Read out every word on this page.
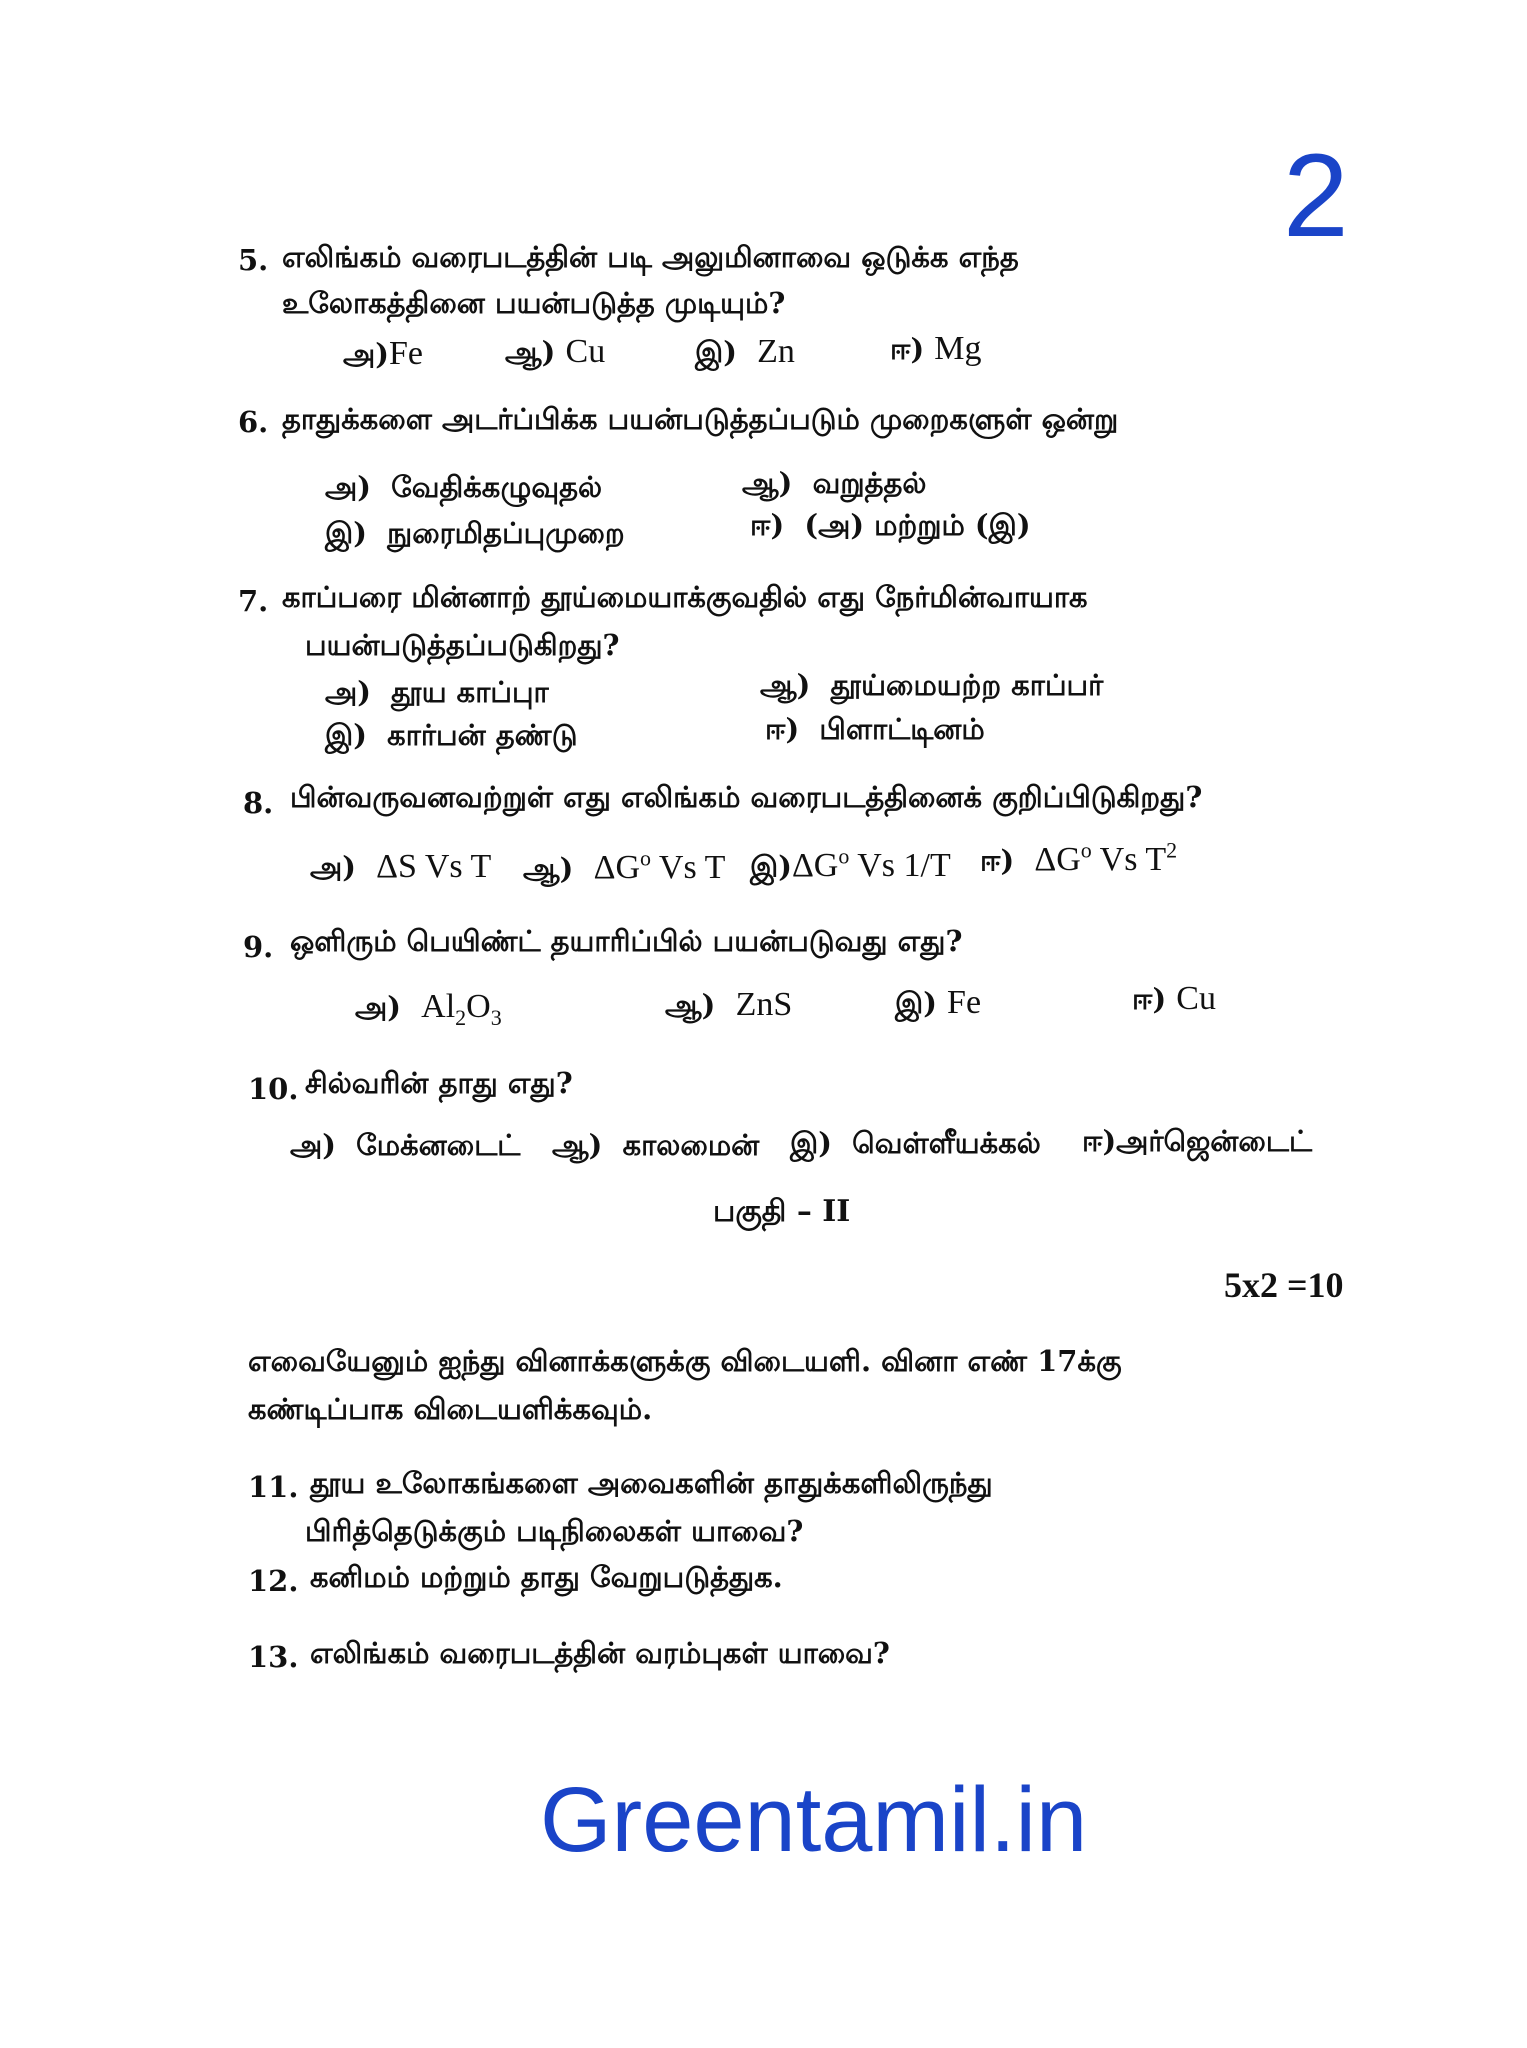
2
5. எலிங்கம் வரைபடத்தின் படி அலுமினாவை ஒடுக்க எந்த
உலோகத்தினை பயன்படுத்த முடியும்?
அ)Fe	ஆ) Cu	இ) Zn	ஈ) Mg
6. தாதுக்களை அடர்ப்பிக்க பயன்படுத்தப்படும் முறைகளுள் ஒன்று
அ) வேதிக்கழுவுதல்	ஆ) வறுத்தல்
இ) நுரைமிதப்புமுறை	ஈ) (அ) மற்றும் (இ)
7. காப்பரை மின்னாற் தூய்மையாக்குவதில் எது நேர்மின்வாயாக
பயன்படுத்தப்படுகிறது?
அ) தூய காப்புா	ஆ) தூய்மையற்ற காப்பர்
இ) கார்பன் தண்டு	ஈ) பிளாட்டினம்
8. பின்வருவனவற்றுள் எது எலிங்கம் வரைபடத்தினைக் குறிப்பிடுகிறது?
அ) ΔS Vs T ஆ) $\Delta G^o$ Vs T $இ)\Delta G^o$ Vs 1/T ஈ) $\Delta G^o$ Vs $T^2$
9. ஒளிரும் பெயிண்ட் தயாரிப்பில் பயன்படுவது எது?
அ) $Al_2O_3$	ஆ) ZnS	இ) Fe	ஈ) Cu
10. சில்வரின் தாது எது?
அ) மேக்னடைட் ஆ) காலமைன் இ) வெள்ளீயக்கல் ஈ)அர்ஜென்டைட்
பகுதி – II
5x2 =10
எவையேனும் ஐந்து வினாக்களுக்கு விடையளி. வினா எண் 17க்கு
கண்டிப்பாக விடையளிக்கவும்.
11. தூய உலோகங்களை அவைகளின் தாதுக்களிலிருந்து
பிரித்தெடுக்கும் படிநிலைகள் யாவை?
12. கனிமம் மற்றும் தாது வேறுபடுத்துக.
13. எலிங்கம் வரைபடத்தின் வரம்புகள் யாவை?
Greentamil.in
